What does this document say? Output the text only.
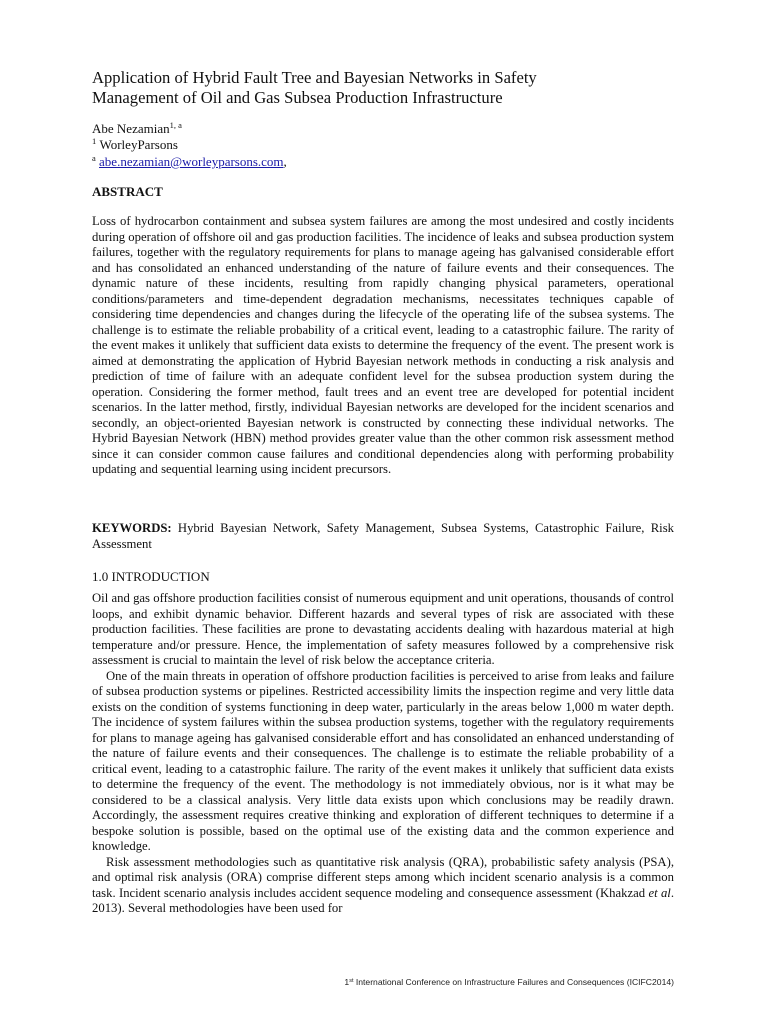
Application of Hybrid Fault Tree and Bayesian Networks in Safety
Management of Oil and Gas Subsea Production Infrastructure
Abe Nezamian$^{1, a}$
$^1$ WorleyParsons
$^a$ abe.nezamian@worleyparsons.com,
ABSTRACT

Loss of hydrocarbon containment and subsea system failures are among the most undesired and costly incidents during operation of offshore oil and gas production facilities. The incidence of leaks and subsea production system failures, together with the regulatory requirements for plans to manage ageing has galvanised considerable effort and has consolidated an enhanced understanding of the nature of failure events and their consequences. The dynamic nature of these incidents, resulting from rapidly changing physical parameters, operational conditions/parameters and time-dependent degradation mechanisms, necessitates techniques capable of considering time dependencies and changes during the lifecycle of the operating life of the subsea systems. The challenge is to estimate the reliable probability of a critical event, leading to a catastrophic failure. The rarity of the event makes it unlikely that sufficient data exists to determine the frequency of the event. The present work is aimed at demonstrating the application of Hybrid Bayesian network methods in conducting a risk analysis and prediction of time of failure with an adequate confident level for the subsea production system during the operation. Considering the former method, fault trees and an event tree are developed for potential incident scenarios. In the latter method, firstly, individual Bayesian networks are developed for the incident scenarios and secondly, an object-oriented Bayesian network is constructed by connecting these individual networks. The Hybrid Bayesian Network (HBN) method provides greater value than the other common risk assessment method since it can consider common cause failures and conditional dependencies along with performing probability updating and sequential learning using incident precursors.

KEYWORDS: Hybrid Bayesian Network, Safety Management, Subsea Systems, Catastrophic Failure, Risk Assessment

1.0 INTRODUCTION

Oil and gas offshore production facilities consist of numerous equipment and unit operations, thousands of control loops, and exhibit dynamic behavior. Different hazards and several types of risk are associated with these production facilities. These facilities are prone to devastating accidents dealing with hazardous material at high temperature and/or pressure. Hence, the implementation of safety measures followed by a comprehensive risk assessment is crucial to maintain the level of risk below the acceptance criteria.

One of the main threats in operation of offshore production facilities is perceived to arise from leaks and failure of subsea production systems or pipelines. Restricted accessibility limits the inspection regime and very little data exists on the condition of systems functioning in deep water, particularly in the areas below 1,000 m water depth. The incidence of system failures within the subsea production systems, together with the regulatory requirements for plans to manage ageing has galvanised considerable effort and has consolidated an enhanced understanding of the nature of failure events and their consequences. The challenge is to estimate the reliable probability of a critical event, leading to a catastrophic failure. The rarity of the event makes it unlikely that sufficient data exists to determine the frequency of the event. The methodology is not immediately obvious, nor is it what may be considered to be a classical analysis. Very little data exists upon which conclusions may be readily drawn. Accordingly, the assessment requires creative thinking and exploration of different techniques to determine if a bespoke solution is possible, based on the optimal use of the existing data and the common experience and knowledge.

Risk assessment methodologies such as quantitative risk analysis (QRA), probabilistic safety analysis (PSA), and optimal risk analysis (ORA) comprise different steps among which incident scenario analysis is a common task. Incident scenario analysis includes accident sequence modeling and consequence assessment (Khakzad et al. 2013). Several methodologies have been used for

1st International Conference on Infrastructure Failures and Consequences (ICIFC2014)
